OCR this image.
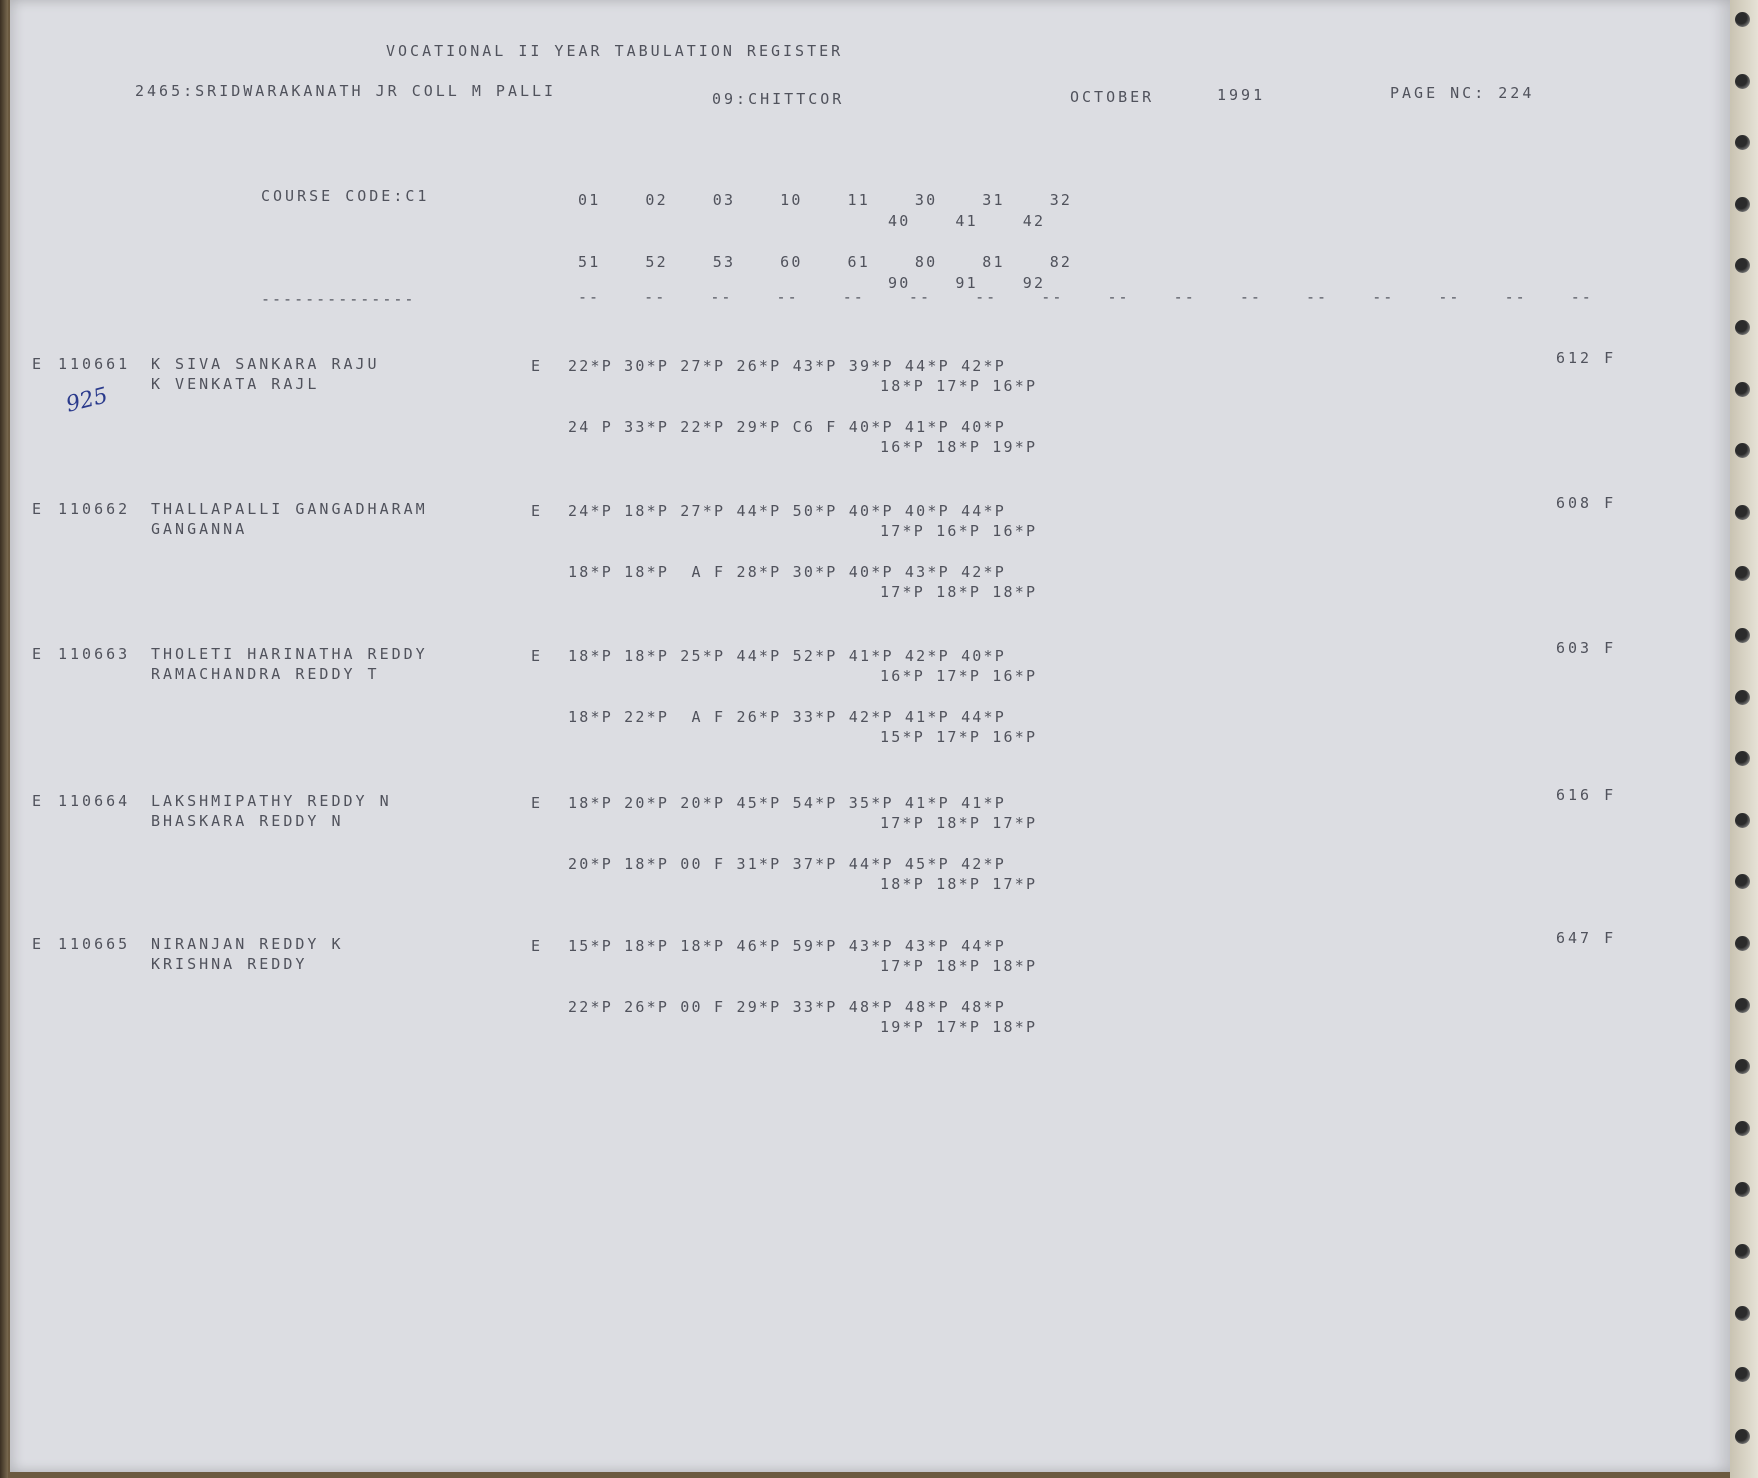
VOCATIONAL II YEAR TABULATION REGISTER
2465:SRIDWARAKANATH JR COLL M PALLI	09:CHITTCOR	OCTOBER	1991	PAGE NC: 224
COURSE CODE:C1	01    02    03    10    11    30    31    32
40    41    42
51    52    53    60    61    80    81    82
90    91    92
--------------	--    --    --    --    --    --    --    --    --    --    --    --    --    --    --    --
925
E 110661 K SIVA SANKARA RAJU
K VENKATA RAJL
E 22*P 30*P 27*P 26*P 43*P 39*P 44*P 42*P
18*P 17*P 16*P
24 P 33*P 22*P 29*P C6 F 40*P 41*P 40*P
16*P 18*P 19*P
612 F
E 110662 THALLAPALLI GANGADHARAM
GANGANNA
E 24*P 18*P 27*P 44*P 50*P 40*P 40*P 44*P
17*P 16*P 16*P
18*P 18*P  A F 28*P 30*P 40*P 43*P 42*P
17*P 18*P 18*P
608 F
E 110663 THOLETI HARINATHA REDDY
RAMACHANDRA REDDY T
E 18*P 18*P 25*P 44*P 52*P 41*P 42*P 40*P
16*P 17*P 16*P
18*P 22*P  A F 26*P 33*P 42*P 41*P 44*P
15*P 17*P 16*P
603 F
E 110664 LAKSHMIPATHY REDDY N
BHASKARA REDDY N
E 18*P 20*P 20*P 45*P 54*P 35*P 41*P 41*P
17*P 18*P 17*P
20*P 18*P 00 F 31*P 37*P 44*P 45*P 42*P
18*P 18*P 17*P
616 F
E 110665 NIRANJAN REDDY K
KRISHNA REDDY
E 15*P 18*P 18*P 46*P 59*P 43*P 43*P 44*P
17*P 18*P 18*P
22*P 26*P 00 F 29*P 33*P 48*P 48*P 48*P
19*P 17*P 18*P
647 F
